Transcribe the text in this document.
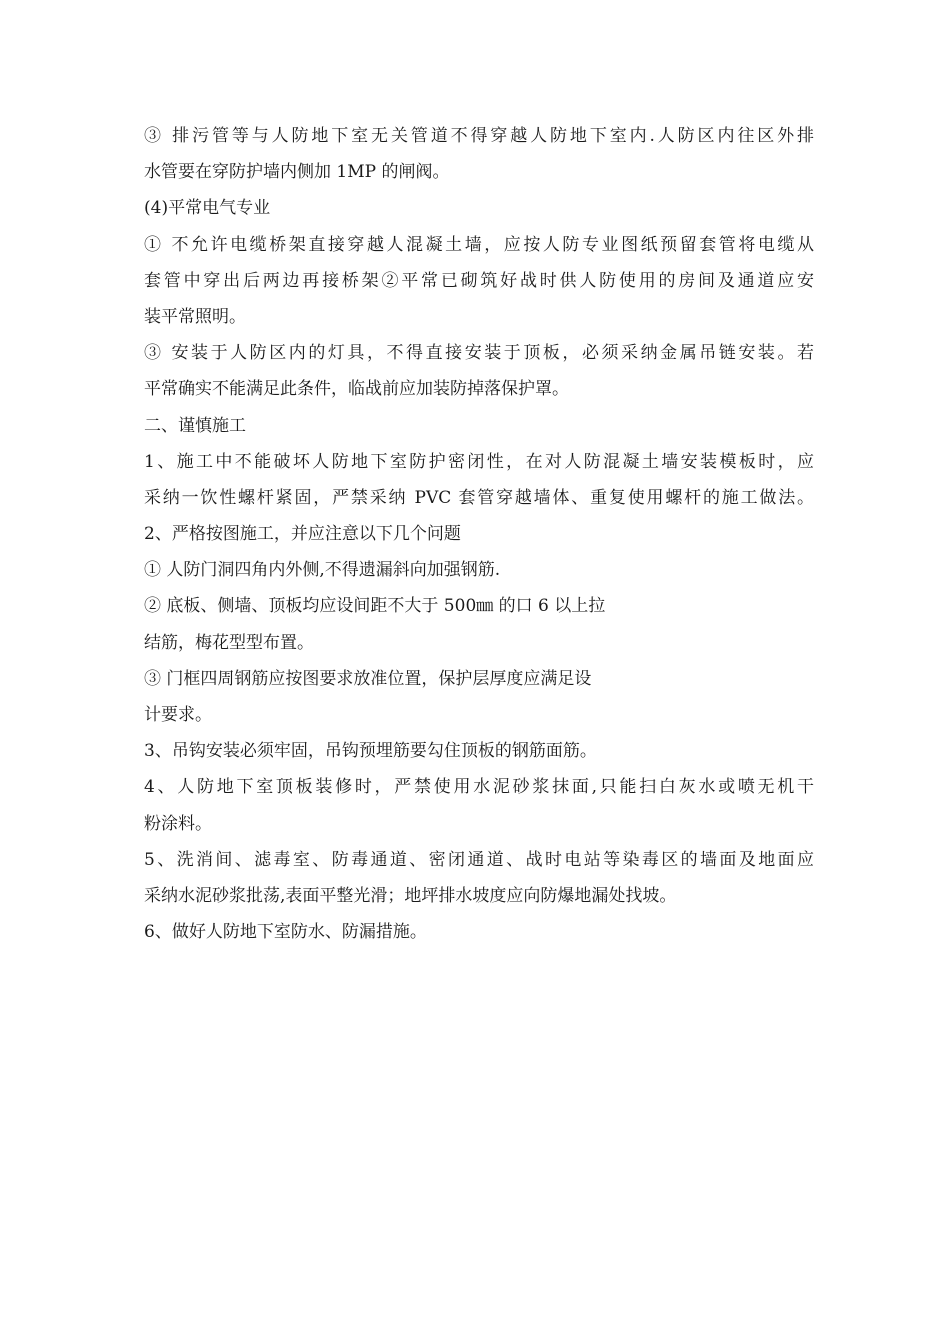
③ 排污管等与人防地下室无关管道不得穿越人防地下室内.人防区内往区外排
水管要在穿防护墙内侧加 1MP 的闸阀。
(4)平常电气专业
① 不允许电缆桥架直接穿越人混凝土墙，应按人防专业图纸预留套管将电缆从
套管中穿出后两边再接桥架②平常已砌筑好战时供人防使用的房间及通道应安
装平常照明。
③ 安装于人防区内的灯具，不得直接安装于顶板，必须采纳金属吊链安装。若
平常确实不能满足此条件，临战前应加装防掉落保护罩。
二、谨慎施工
1、施工中不能破坏人防地下室防护密闭性，在对人防混凝土墙安装模板时，应
采纳一饮性螺杆紧固，严禁采纳 PVC 套管穿越墙体、重复使用螺杆的施工做法。
2、严格按图施工，并应注意以下几个问题
① 人防门洞四角内外侧,不得遗漏斜向加强钢筋.
② 底板、侧墙、顶板均应设间距不大于 500㎜ 的口 6 以上拉
结筋，梅花型型布置。
③ 门框四周钢筋应按图要求放准位置，保护层厚度应满足设
计要求。
3、吊钩安装必须牢固，吊钩预埋筋要勾住顶板的钢筋面筋。
4、人防地下室顶板装修时，严禁使用水泥砂浆抹面,只能扫白灰水或喷无机干
粉涂料。
5、洗消间、滤毒室、防毒通道、密闭通道、战时电站等染毒区的墙面及地面应
采纳水泥砂浆批荡,表面平整光滑；地坪排水坡度应向防爆地漏处找坡。
6、做好人防地下室防水、防漏措施。
